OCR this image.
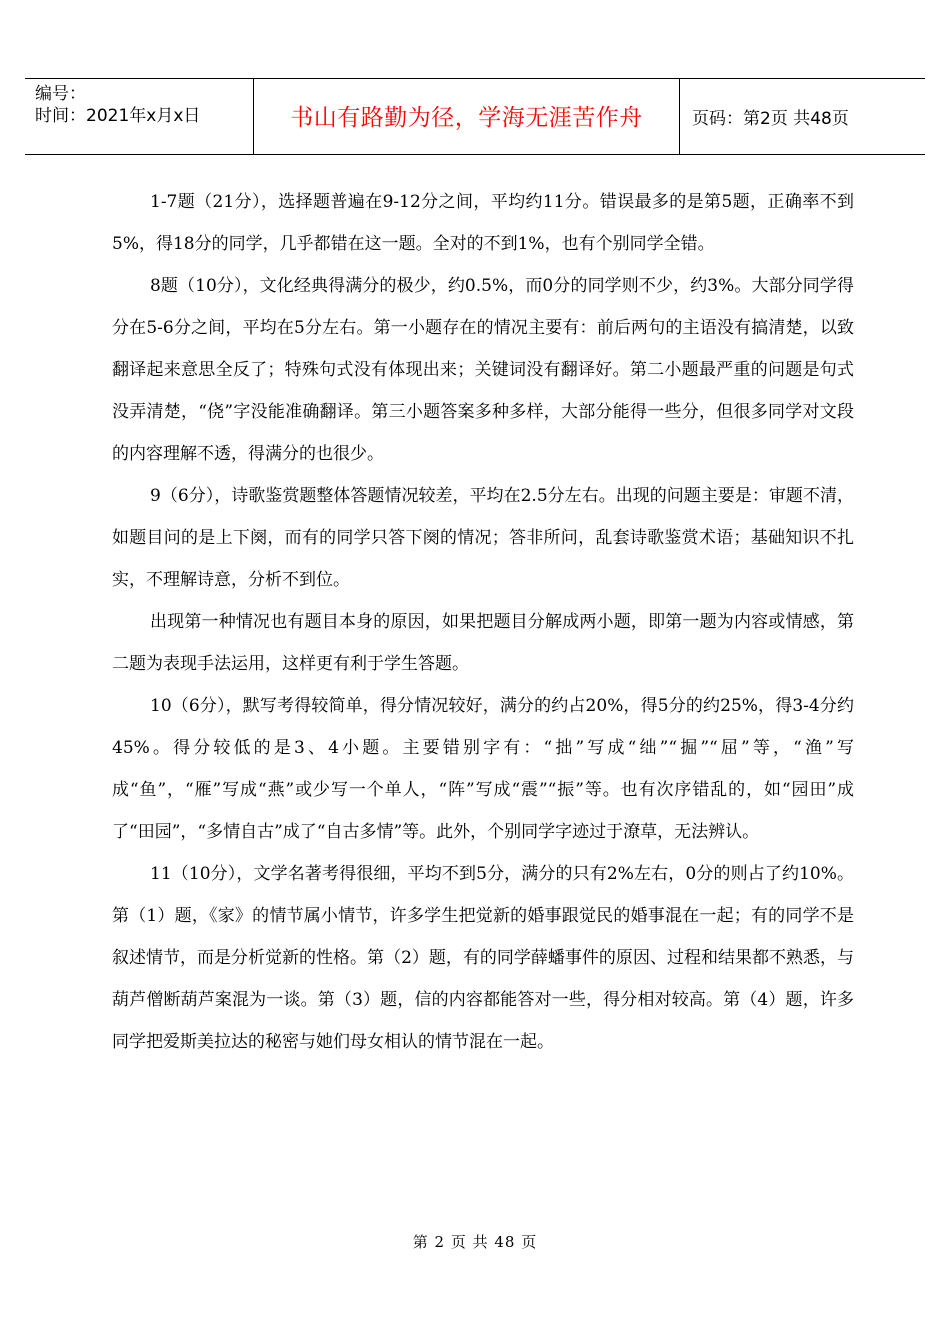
编号：
时间：2021年x月x日	书山有路勤为径，学海无涯苦作舟	页码：第2页 共48页

1-7题（21分），选择题普遍在9-12分之间，平均约11分。错误最多的是第5题，正确率不到5%，得18分的同学，几乎都错在这一题。全对的不到1%，也有个别同学全错。

8题（10分），文化经典得满分的极少，约0.5%，而0分的同学则不少，约3%。大部分同学得分在5-6分之间，平均在5分左右。第一小题存在的情况主要有：前后两句的主语没有搞清楚，以致翻译起来意思全反了；特殊句式没有体现出来；关键词没有翻译好。第二小题最严重的问题是句式没弄清楚，“侥”字没能准确翻译。第三小题答案多种多样，大部分能得一些分，但很多同学对文段的内容理解不透，得满分的也很少。

9（6分），诗歌鉴赏题整体答题情况较差，平均在2.5分左右。出现的问题主要是：审题不清，如题目问的是上下阕，而有的同学只答下阕的情况；答非所问，乱套诗歌鉴赏术语；基础知识不扎实，不理解诗意，分析不到位。

出现第一种情况也有题目本身的原因，如果把题目分解成两小题，即第一题为内容或情感，第二题为表现手法运用，这样更有利于学生答题。

10（6分），默写考得较简单，得分情况较好，满分的约占20%，得5分的约25%，得3-4分约45%。得分较低的是3、4小题。主要错别字有：“拙”写成“绌”“掘”“屈”等，“渔”写成“鱼”，“雁”写成“燕”或少写一个单人，“阵”写成“震”“振”等。也有次序错乱的，如“园田”成了“田园”，“多情自古”成了“自古多情”等。此外，个别同学字迹过于潦草，无法辨认。

11（10分），文学名著考得很细，平均不到5分，满分的只有2%左右，0分的则占了约10%。第（1）题，《家》的情节属小情节，许多学生把觉新的婚事跟觉民的婚事混在一起；有的同学不是叙述情节，而是分析觉新的性格。第（2）题，有的同学薛蟠事件的原因、过程和结果都不熟悉，与葫芦僧断葫芦案混为一谈。第（3）题，信的内容都能答对一些，得分相对较高。第（4）题，许多同学把爱斯美拉达的秘密与她们母女相认的情节混在一起。

第 2 页 共 48 页
